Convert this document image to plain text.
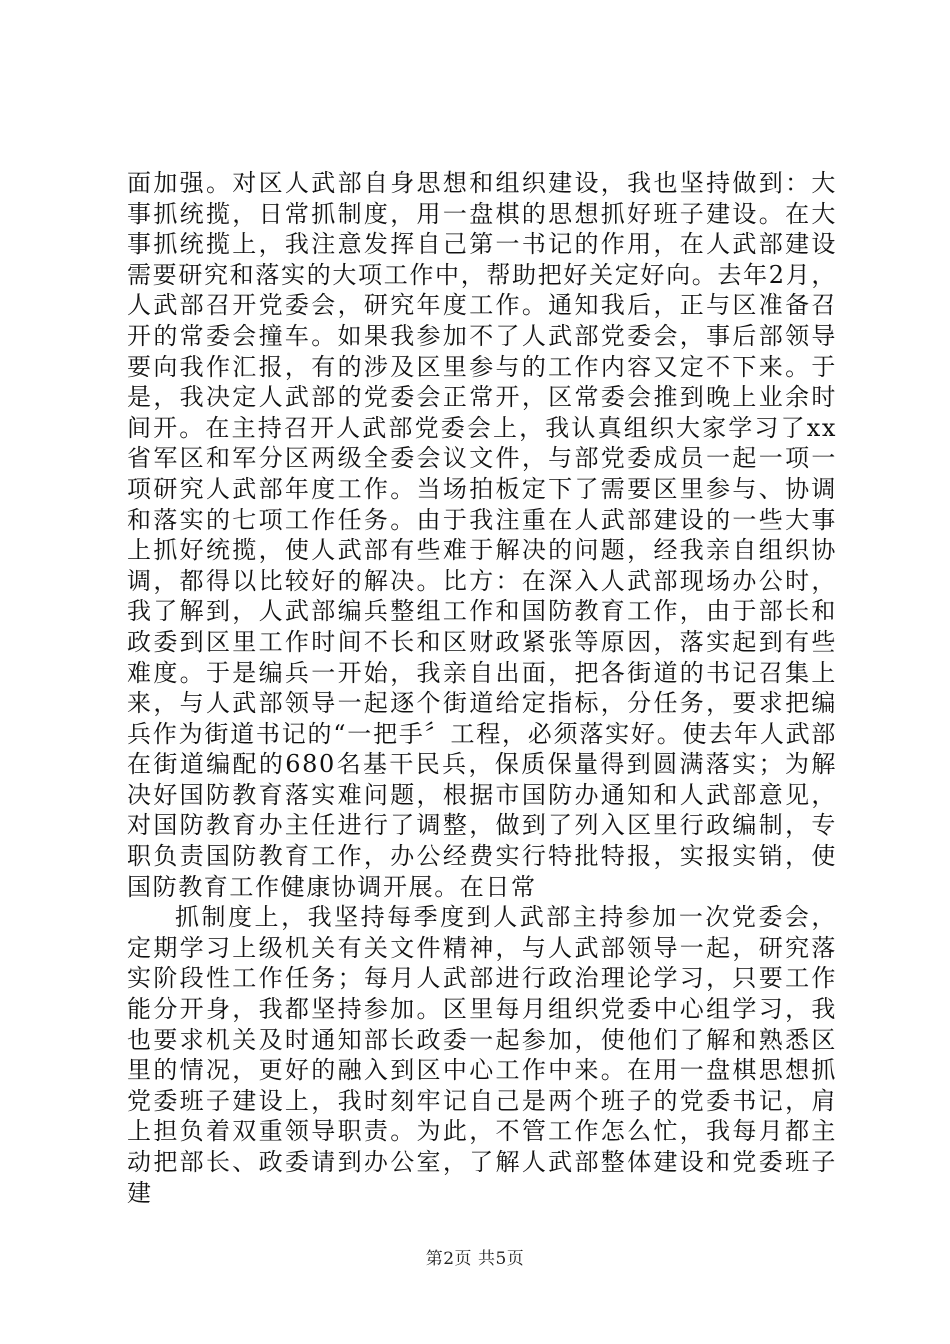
面加强。对区人武部自身思想和组织建设，我也坚持做到：大事抓统揽，日常抓制度，用一盘棋的思想抓好班子建设。在大事抓统揽上，我注意发挥自己第一书记的作用，在人武部建设需要研究和落实的大项工作中，帮助把好关定好向。去年2月，人武部召开党委会，研究年度工作。通知我后，正与区准备召开的常委会撞车。如果我参加不了人武部党委会，事后部领导要向我作汇报，有的涉及区里参与的工作内容又定不下来。于是，我决定人武部的党委会正常开，区常委会推到晚上业余时间开。在主持召开人武部党委会上，我认真组织大家学习了xx省军区和军分区两级全委会议文件，与部党委成员一起一项一项研究人武部年度工作。当场拍板定下了需要区里参与、协调和落实的七项工作任务。由于我注重在人武部建设的一些大事上抓好统揽，使人武部有些难于解决的问题，经我亲自组织协调，都得以比较好的解决。比方：在深入人武部现场办公时，我了解到，人武部编兵整组工作和国防教育工作，由于部长和政委到区里工作时间不长和区财政紧张等原因，落实起到有些难度。于是编兵一开始，我亲自出面，把各街道的书记召集上来，与人武部领导一起逐个街道给定指标，分任务，要求把编兵作为街道书记的“一把手〞工程，必须落实好。使去年人武部在街道编配的680名基干民兵，保质保量得到圆满落实；为解决好国防教育落实难问题，根据市国防办通知和人武部意见，对国防教育办主任进行了调整，做到了列入区里行政编制，专职负责国防教育工作，办公经费实行特批特报，实报实销，使国防教育工作健康协调开展。在日常

抓制度上，我坚持每季度到人武部主持参加一次党委会，定期学习上级机关有关文件精神，与人武部领导一起，研究落实阶段性工作任务；每月人武部进行政治理论学习，只要工作能分开身，我都坚持参加。区里每月组织党委中心组学习，我也要求机关及时通知部长政委一起参加，使他们了解和熟悉区里的情况，更好的融入到区中心工作中来。在用一盘棋思想抓党委班子建设上，我时刻牢记自己是两个班子的党委书记，肩上担负着双重领导职责。为此，不管工作怎么忙，我每月都主动把部长、政委请到办公室，了解人武部整体建设和党委班子建

第2页 共5页
